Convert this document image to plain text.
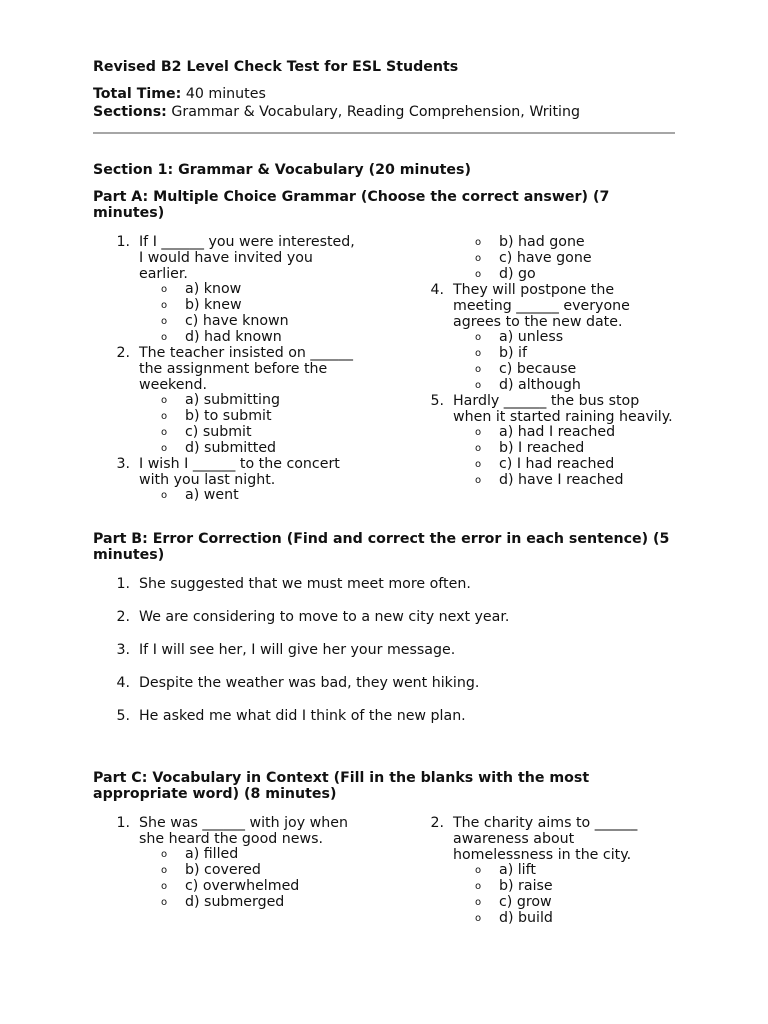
Revised B2 Level Check Test for ESL Students
Total Time: 40 minutes
Sections: Grammar & Vocabulary, Reading Comprehension, Writing
Section 1: Grammar & Vocabulary (20 minutes)
Part A: Multiple Choice Grammar (Choose the correct answer) (7
minutes)
1. If I ______ you were interested,
I would have invited you
earlier.
o a) know
o b) knew
o c) have known
o d) had known
2. The teacher insisted on ______
the assignment before the
weekend.
o a) submitting
o b) to submit
o c) submit
o d) submitted
3. I wish I ______ to the concert
with you last night.
o a) went
o b) had gone
o c) have gone
o d) go
4. They will postpone the
meeting ______ everyone
agrees to the new date.
o a) unless
o b) if
o c) because
o d) although
5. Hardly ______ the bus stop
when it started raining heavily.
o a) had I reached
o b) I reached
o c) I had reached
o d) have I reached
Part B: Error Correction (Find and correct the error in each sentence) (5
minutes)
1. She suggested that we must meet more often.
2. We are considering to move to a new city next year.
3. If I will see her, I will give her your message.
4. Despite the weather was bad, they went hiking.
5. He asked me what did I think of the new plan.
Part C: Vocabulary in Context (Fill in the blanks with the most
appropriate word) (8 minutes)
1. She was ______ with joy when
she heard the good news.
o a) filled
o b) covered
o c) overwhelmed
o d) submerged
2. The charity aims to ______
awareness about
homelessness in the city.
o a) lift
o b) raise
o c) grow
o d) build
